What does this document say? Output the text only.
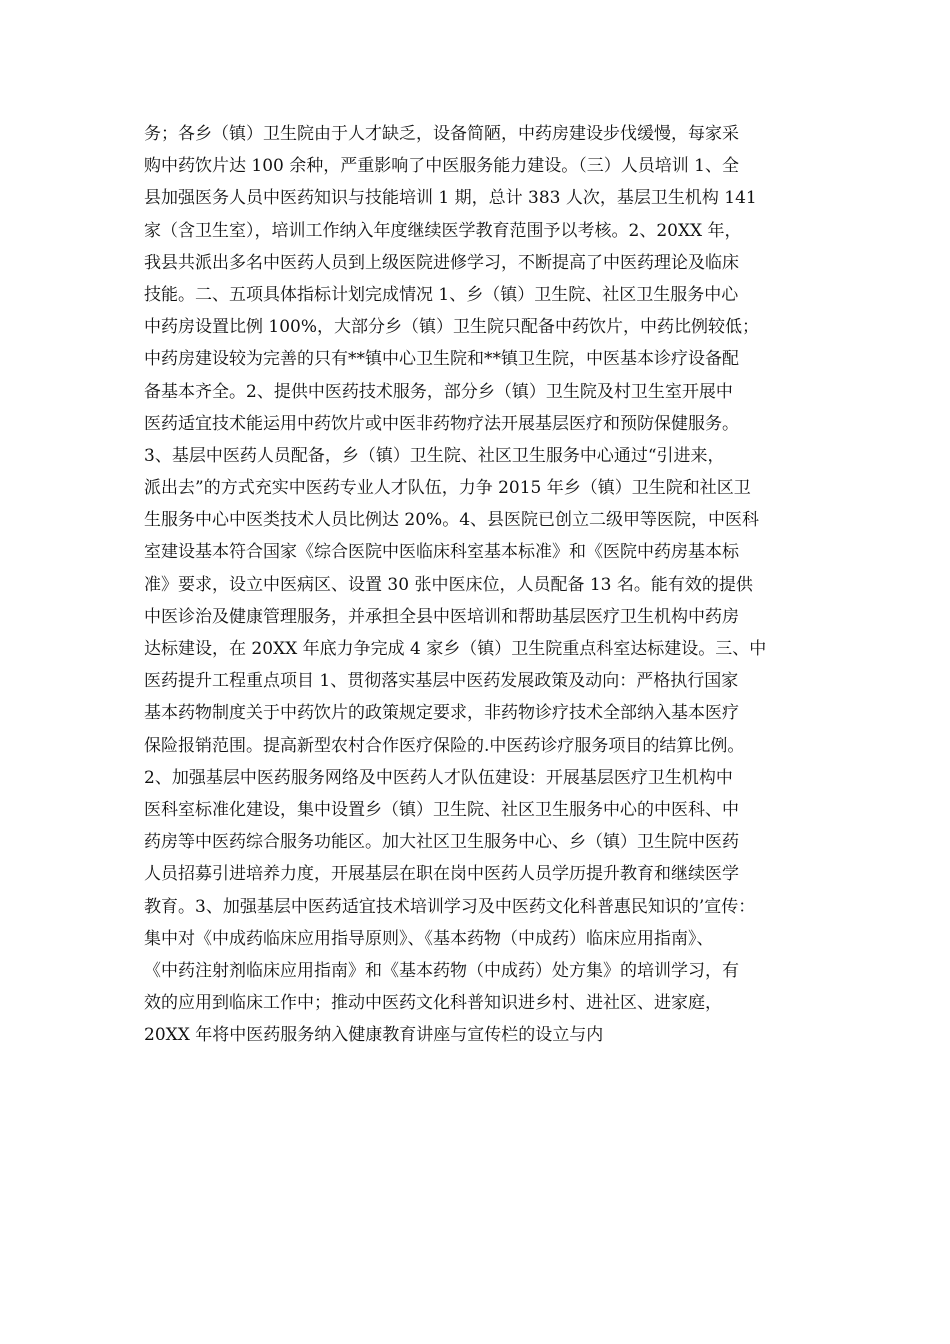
务；各乡（镇）卫生院由于人才缺乏，设备简陋，中药房建设步伐缓慢，每家采
购中药饮片达 100 余种，严重影响了中医服务能力建设。（三）人员培训 1、全
县加强医务人员中医药知识与技能培训 1 期，总计 383 人次，基层卫生机构 141
家（含卫生室），培训工作纳入年度继续医学教育范围予以考核。2、20XX 年，
我县共派出多名中医药人员到上级医院进修学习，不断提高了中医药理论及临床
技能。二、五项具体指标计划完成情况 1、乡（镇）卫生院、社区卫生服务中心
中药房设置比例 100%，大部分乡（镇）卫生院只配备中药饮片，中药比例较低；
中药房建设较为完善的只有**镇中心卫生院和**镇卫生院，中医基本诊疗设备配
备基本齐全。2、提供中医药技术服务，部分乡（镇）卫生院及村卫生室开展中
医药适宜技术能运用中药饮片或中医非药物疗法开展基层医疗和预防保健服务。
3、基层中医药人员配备，乡（镇）卫生院、社区卫生服务中心通过“引进来，
派出去”的方式充实中医药专业人才队伍，力争 2015 年乡（镇）卫生院和社区卫
生服务中心中医类技术人员比例达 20%。4、县医院已创立二级甲等医院，中医科
室建设基本符合国家《综合医院中医临床科室基本标准》和《医院中药房基本标
准》要求，设立中医病区、设置 30 张中医床位，人员配备 13 名。能有效的提供
中医诊治及健康管理服务，并承担全县中医培训和帮助基层医疗卫生机构中药房
达标建设，在 20XX 年底力争完成 4 家乡（镇）卫生院重点科室达标建设。三、中
医药提升工程重点项目 1、贯彻落实基层中医药发展政策及动向：严格执行国家
基本药物制度关于中药饮片的政策规定要求，非药物诊疗技术全部纳入基本医疗
保险报销范围。提高新型农村合作医疗保险的.中医药诊疗服务项目的结算比例。
2、加强基层中医药服务网络及中医药人才队伍建设：开展基层医疗卫生机构中
医科室标准化建设，集中设置乡（镇）卫生院、社区卫生服务中心的中医科、中
药房等中医药综合服务功能区。加大社区卫生服务中心、乡（镇）卫生院中医药
人员招募引进培养力度，开展基层在职在岗中医药人员学历提升教育和继续医学
教育。3、加强基层中医药适宜技术培训学习及中医药文化科普惠民知识的’宣传：
集中对《中成药临床应用指导原则》、《基本药物（中成药）临床应用指南》、
《中药注射剂临床应用指南》和《基本药物（中成药）处方集》的培训学习，有
效的应用到临床工作中；推动中医药文化科普知识进乡村、进社区、进家庭，
20XX 年将中医药服务纳入健康教育讲座与宣传栏的设立与内
